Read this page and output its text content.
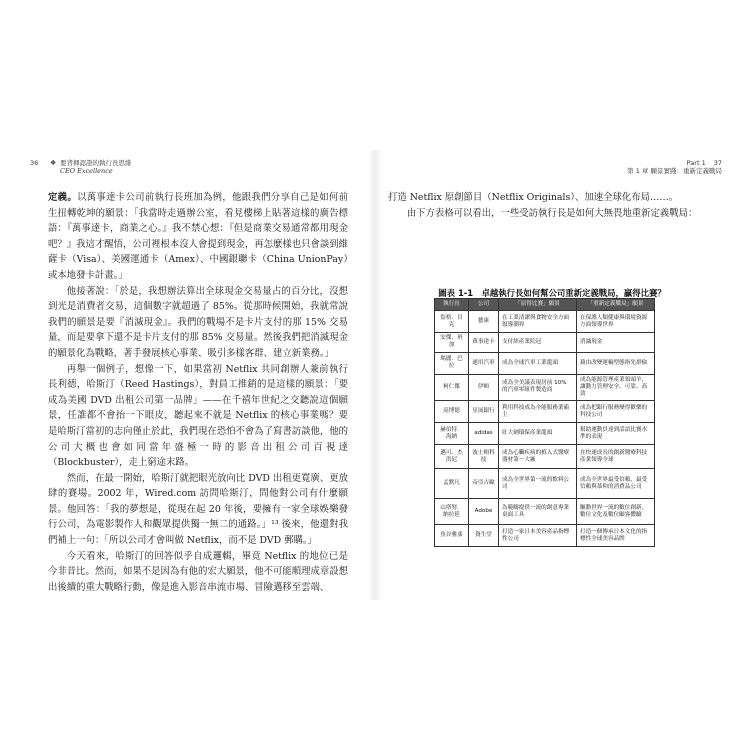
36 ❖ 要背揮認證的執行長思維
CEO Excellence

定義。以萬事達卡公司前執行長班加為例，他跟我們分享自己是如何前生扭轉乾坤的願景：「我當時走過辦公室，看見樓梯上貼著這樣的廣告標語：『萬事達卡，商業之心。』我不禁心想：『但是商業交易通常都用現金吧？』我這才醒悟，公司裡根本沒人會提到現金，再怎麼樣也只會談到維薩卡（Visa）、美國運通卡（Amex）、中國銀聯卡（China UnionPay）或本地發卡計畫。」

他接著說：「於是，我想辦法算出全球現金交易量占的百分比，沒想到光是消費者交易，這個數字就超過了 85%。從那時候開始，我就常說我們的願景是要『消滅現金』。我們的戰場不是卡片支付的那 15% 交易量，而是要拿下還不是卡片支付的那 85% 交易量。然後我們把消滅現金的願景化為戰略，著手發展核心事業、吸引多樣客群、建立新業務。」

再舉一個例子，想像一下，如果當初 Netflix 共同創辦人兼前執行長利德，哈斯汀（Reed Hastings），對員工推銷的是這樣的願景：「要成為美國 DVD 出租公司第一品牌」——在千禧年世紀之交聽說這個願景，任誰都不會抬一下眼皮，聽起來不就是 Netflix 的核心事業嗎？要是哈斯汀當初的志向僅止於此，我們現在恐怕不會為了寫書訪談他，他的公司大概也會如同當年盛極一時的影音出租公司百視達（Blockbuster），走上窮途末路。

然而，在最一開始，哈斯汀就把眼光放向比 DVD 出租更寬廣、更放肆的賽場。2002 年，Wired.com 訪問哈斯汀，問他對公司有什麼願景。他回答：「我的夢想是，從現在起 20 年後，要擁有一家全球娛樂發行公司，為電影製作人和觀眾提供獨一無二的通路。」¹³ 後來，他還對我們補上一句：「所以公司才會叫做 Netflix，而不是 DVD 郵購。」

今天看來，哈斯汀的回答似乎自成邏輯，畢竟 Netflix 的地位已是今非昔比。然而，如果不是因為有他的宏大願景，他不可能順理成章設想出後續的重大戰略行動，像是進入影音串流市場、冒險邁移至雲端、

Part 1 37
第 1 章 願景實踐：重新定義戰局

打造 Netflix 原創節目（Netflix Originals）、加速全球化布局……。

由下方表格可以看出，一些受訪執行長是如何大無畏地重新定義戰局：

圖表 1-1　卓越執行長如何幫公司重新定義戰局，贏得比賽？
執行長	公司	「原得比賽」願景	「重新定義戰局」願景
盜格．貝克	藝康	在工業清潔與食物安全方面領導潮界	在保護人類健康與環境資源方面領導世界
安傑．班加	萬事達卡	支付經產業院冠	消滅現金
瑪麗．巴拉	通用汽車	成為全球汽車工業龍頭	藉由改變運輸型態指先群倫
柯仁傑	伊頓	成為全美議表現居前 10% 的汽車零組件製造商	成為能源管理產業領頭羊，讓動力管理安全、可靠、高效
高博德	星展銀行	利用科技成為全能服務業霸主	成為把銀行服務變得歡樂的科技公司
赫伯特．海納	adidas	壯大劍環保產業龍頭	幫助運動員達到話語比賽水準的表現
邁可．杰洪尼	波士頓科技	成為心臟疾病的植入式醫療器材第一大廠	在快速成長的創新醫療科技產業領導全球
孟默凡	帝亞吉歐	成為全世界第一流的飲料公司	成為全世界最受信賴、最受信賴與慕仰的消費品公司
山塔努．納拉延	Adobe	為範疇提供一流的創意專業桌面工具	驅動世界一流的數位創新，數位文化及數位顧客體驗
魚谷雅彥	資生堂	打造一家日本美容產品指標性公司	打造一個傳承日本文化的指標性全球美容品牌
